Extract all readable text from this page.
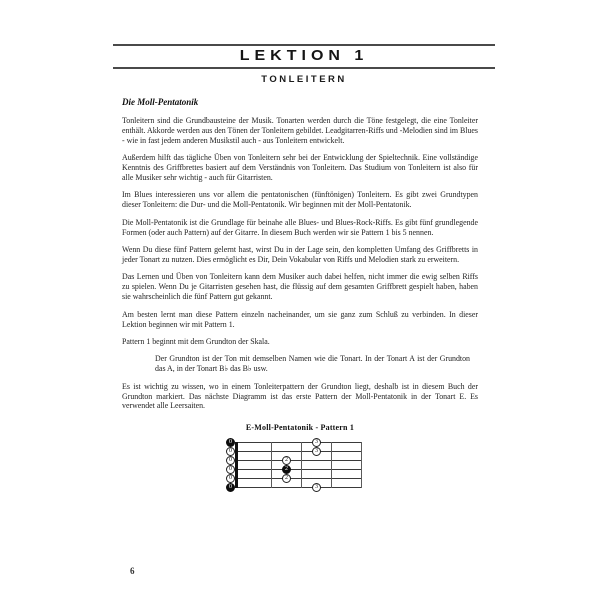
LEKTION 1
TONLEITERN
Die Moll-Pentatonik

Tonleitern sind die Grundbausteine der Musik. Tonarten werden durch die Töne festgelegt, die eine Tonleiter enthält. Akkorde werden aus den Tönen der Tonleitern gebildet. Leadgitarren-Riffs und -Melodien sind im Blues - wie in fast jedem anderen Musikstil auch - aus Tonleitern entwickelt.

Außerdem hilft das tägliche Üben von Tonleitern sehr bei der Entwicklung der Spieltechnik. Eine vollständige Kenntnis des Griffbrettes basiert auf dem Verständnis von Tonleitern. Das Studium von Tonleitern ist also für alle Musiker sehr wichtig - auch für Gitarristen.

Im Blues interessieren uns vor allem die pentatonischen (fünftönigen) Tonleitern. Es gibt zwei Grundtypen dieser Tonleitern: die Dur- und die Moll-Pentatonik. Wir beginnen mit der Moll-Pentatonik.

Die Moll-Pentatonik ist die Grundlage für beinahe alle Blues- und Blues-Rock-Riffs. Es gibt fünf grundlegende Formen (oder auch Pattern) auf der Gitarre. In diesem Buch werden wir sie Pattern 1 bis 5 nennen.

Wenn Du diese fünf Pattern gelernt hast, wirst Du in der Lage sein, den kompletten Umfang des Griffbretts in jeder Tonart zu nutzen. Dies ermöglicht es Dir, Dein Vokabular von Riffs und Melodien stark zu erweitern.

Das Lernen und Üben von Tonleitern kann dem Musiker auch dabei helfen, nicht immer die ewig selben Riffs zu spielen. Wenn Du je Gitarristen gesehen hast, die flüssig auf dem gesamten Griffbrett gespielt haben, haben sie wahrscheinlich die fünf Pattern gut gekannt.

Am besten lernt man diese Pattern einzeln nacheinander, um sie ganz zum Schluß zu verbinden. In dieser Lektion beginnen wir mit Pattern 1.

Pattern 1 beginnt mit dem Grundton der Skala.

Der Grundton ist der Ton mit demselben Namen wie die Tonart. In der Tonart A ist der Grundton das A, in der Tonart B♭ das B♭ usw.

Es ist wichtig zu wissen, wo in einem Tonleiterpattern der Grundton liegt, deshalb ist in diesem Buch der Grundton markiert. Das nächste Diagramm ist das erste Pattern der Moll-Pentatonik in der Tonart E. Es verwendet alle Leersaiten.

E-Moll-Pentatonik - Pattern 1
0
0
0
0
0
0
3
3
2
2
2
3
6
